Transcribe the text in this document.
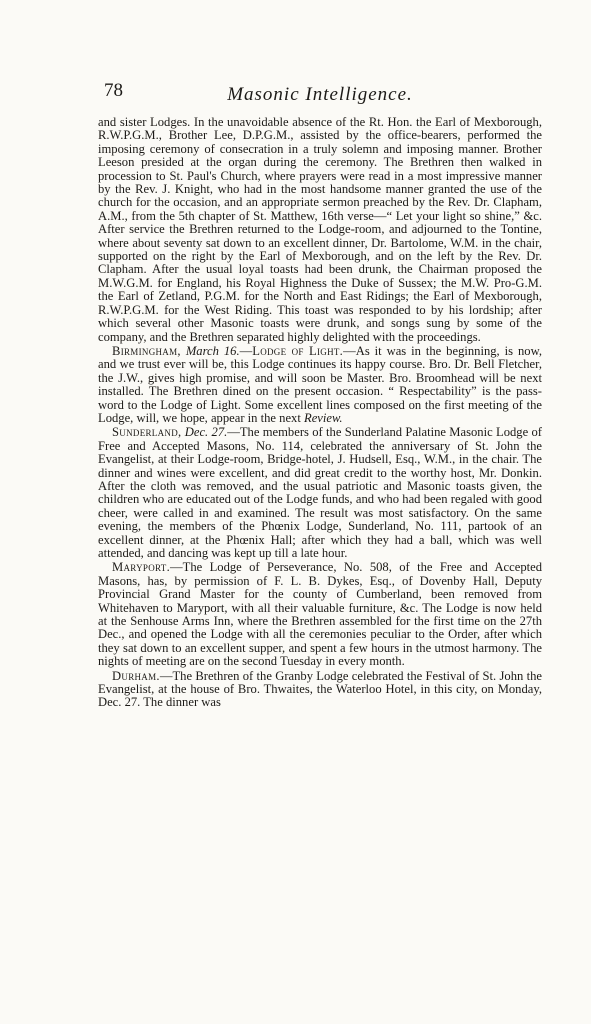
78	Masonic Intelligence.

and sister Lodges. In the unavoidable absence of the Rt. Hon. the Earl of Mexborough, R.W.P.G.M., Brother Lee, D.P.G.M., assisted by the office-bearers, performed the imposing ceremony of consecration in a truly solemn and imposing manner. Brother Leeson presided at the organ during the ceremony. The Brethren then walked in procession to St. Paul's Church, where prayers were read in a most impressive manner by the Rev. J. Knight, who had in the most handsome manner granted the use of the church for the occasion, and an appropriate sermon preached by the Rev. Dr. Clapham, A.M., from the 5th chapter of St. Matthew, 16th verse—“ Let your light so shine,” &c. After service the Brethren returned to the Lodge-room, and adjourned to the Tontine, where about seventy sat down to an excellent dinner, Dr. Bartolome, W.M. in the chair, supported on the right by the Earl of Mexborough, and on the left by the Rev. Dr. Clapham. After the usual loyal toasts had been drunk, the Chairman proposed the M.W.G.M. for England, his Royal Highness the Duke of Sussex; the M.W. Pro-G.M. the Earl of Zetland, P.G.M. for the North and East Ridings; the Earl of Mexborough, R.W.P.G.M. for the West Riding. This toast was responded to by his lordship; after which several other Masonic toasts were drunk, and songs sung by some of the company, and the Brethren separated highly delighted with the proceedings.

Birmingham, March 16.—Lodge of Light.—As it was in the beginning, is now, and we trust ever will be, this Lodge continues its happy course. Bro. Dr. Bell Fletcher, the J.W., gives high promise, and will soon be Master. Bro. Broomhead will be next installed. The Brethren dined on the present occasion. “ Respectability” is the pass-word to the Lodge of Light. Some excellent lines composed on the first meeting of the Lodge, will, we hope, appear in the next Review.

Sunderland, Dec. 27.—The members of the Sunderland Palatine Masonic Lodge of Free and Accepted Masons, No. 114, celebrated the anniversary of St. John the Evangelist, at their Lodge-room, Bridge-hotel, J. Hudsell, Esq., W.M., in the chair. The dinner and wines were excellent, and did great credit to the worthy host, Mr. Donkin. After the cloth was removed, and the usual patriotic and Masonic toasts given, the children who are educated out of the Lodge funds, and who had been regaled with good cheer, were called in and examined. The result was most satisfactory. On the same evening, the members of the Phœnix Lodge, Sunderland, No. 111, partook of an excellent dinner, at the Phœnix Hall; after which they had a ball, which was well attended, and dancing was kept up till a late hour.

Maryport.—The Lodge of Perseverance, No. 508, of the Free and Accepted Masons, has, by permission of F. L. B. Dykes, Esq., of Dovenby Hall, Deputy Provincial Grand Master for the county of Cumberland, been removed from Whitehaven to Maryport, with all their valuable furniture, &c. The Lodge is now held at the Senhouse Arms Inn, where the Brethren assembled for the first time on the 27th Dec., and opened the Lodge with all the ceremonies peculiar to the Order, after which they sat down to an excellent supper, and spent a few hours in the utmost harmony. The nights of meeting are on the second Tuesday in every month.

Durham.—The Brethren of the Granby Lodge celebrated the Festival of St. John the Evangelist, at the house of Bro. Thwaites, the Waterloo Hotel, in this city, on Monday, Dec. 27. The dinner was
